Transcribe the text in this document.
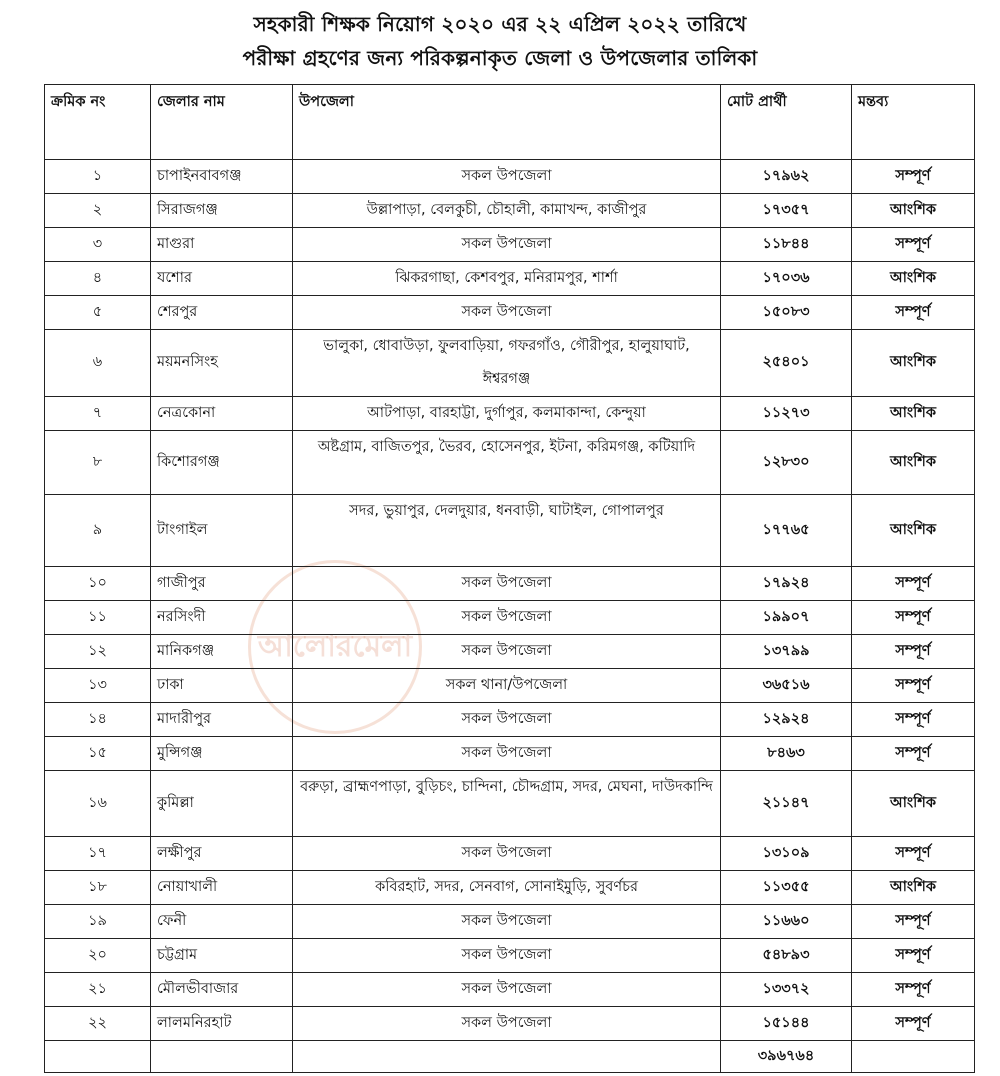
সহকারী শিক্ষক নিয়োগ ২০২০ এর ২২ এপ্রিল ২০২২ তারিখে
পরীক্ষা গ্রহণের জন্য পরিকল্পনাকৃত জেলা ও উপজেলার তালিকা
আলোরমেলা
ক্রমিক নং	জেলার নাম	উপজেলা	মোট প্রার্থী	মন্তব্য
১	চাপাইনবাবগঞ্জ	সকল উপজেলা	১৭৯৬২	সম্পূর্ণ
২	সিরাজগঞ্জ	উল্লাপাড়া, বেলকুচী, চৌহালী, কামাখন্দ, কাজীপুর	১৭৩৫৭	আংশিক
৩	মাগুরা	সকল উপজেলা	১১৮৪৪	সম্পূর্ণ
৪	যশোর	ঝিকরগাছা, কেশবপুর, মনিরামপুর, শার্শা	১৭০৩৬	আংশিক
৫	শেরপুর	সকল উপজেলা	১৫০৮৩	সম্পূর্ণ
৬	ময়মনসিংহ	ভালুকা, ধোবাউড়া, ফুলবাড়িয়া, গফরগাঁও, গৌরীপুর, হালুয়াঘাট, ঈশ্বরগঞ্জ	২৫৪০১	আংশিক
৭	নেত্রকোনা	আটপাড়া, বারহাট্টা, দুর্গাপুর, কলমাকান্দা, কেন্দুয়া	১১২৭৩	আংশিক
৮	কিশোরগঞ্জ	অষ্টগ্রাম, বাজিতপুর, ভৈরব, হোসেনপুর, ইটনা, করিমগঞ্জ, কটিয়াদি	১২৮৩০	আংশিক
৯	টাংগাইল	সদর, ভুয়াপুর, দেলদুয়ার, ধনবাড়ী, ঘাটাইল, গোপালপুর	১৭৭৬৫	আংশিক
১০	গাজীপুর	সকল উপজেলা	১৭৯২৪	সম্পূর্ণ
১১	নরসিংদী	সকল উপজেলা	১৯৯০৭	সম্পূর্ণ
১২	মানিকগঞ্জ	সকল উপজেলা	১৩৭৯৯	সম্পূর্ণ
১৩	ঢাকা	সকল থানা/উপজেলা	৩৬৫১৬	সম্পূর্ণ
১৪	মাদারীপুর	সকল উপজেলা	১২৯২৪	সম্পূর্ণ
১৫	মুন্সিগঞ্জ	সকল উপজেলা	৮৪৬৩	সম্পূর্ণ
১৬	কুমিল্লা	বরুড়া, ব্রাহ্মণপাড়া, বুড়িচং, চান্দিনা, চৌদ্দগ্রাম, সদর, মেঘনা, দাউদকান্দি	২১১৪৭	আংশিক
১৭	লক্ষীপুর	সকল উপজেলা	১৩১০৯	সম্পূর্ণ
১৮	নোয়াখালী	কবিরহাট, সদর, সেনবাগ, সোনাইমুড়ি, সুবর্ণচর	১১৩৫৫	আংশিক
১৯	ফেনী	সকল উপজেলা	১১৬৬০	সম্পূর্ণ
২০	চট্টগ্রাম	সকল উপজেলা	৫৪৮৯৩	সম্পূর্ণ
২১	মৌলভীবাজার	সকল উপজেলা	১৩৩৭২	সম্পূর্ণ
২২	লালমনিরহাট	সকল উপজেলা	১৫১৪৪	সম্পূর্ণ
			৩৯৬৭৬৪	
